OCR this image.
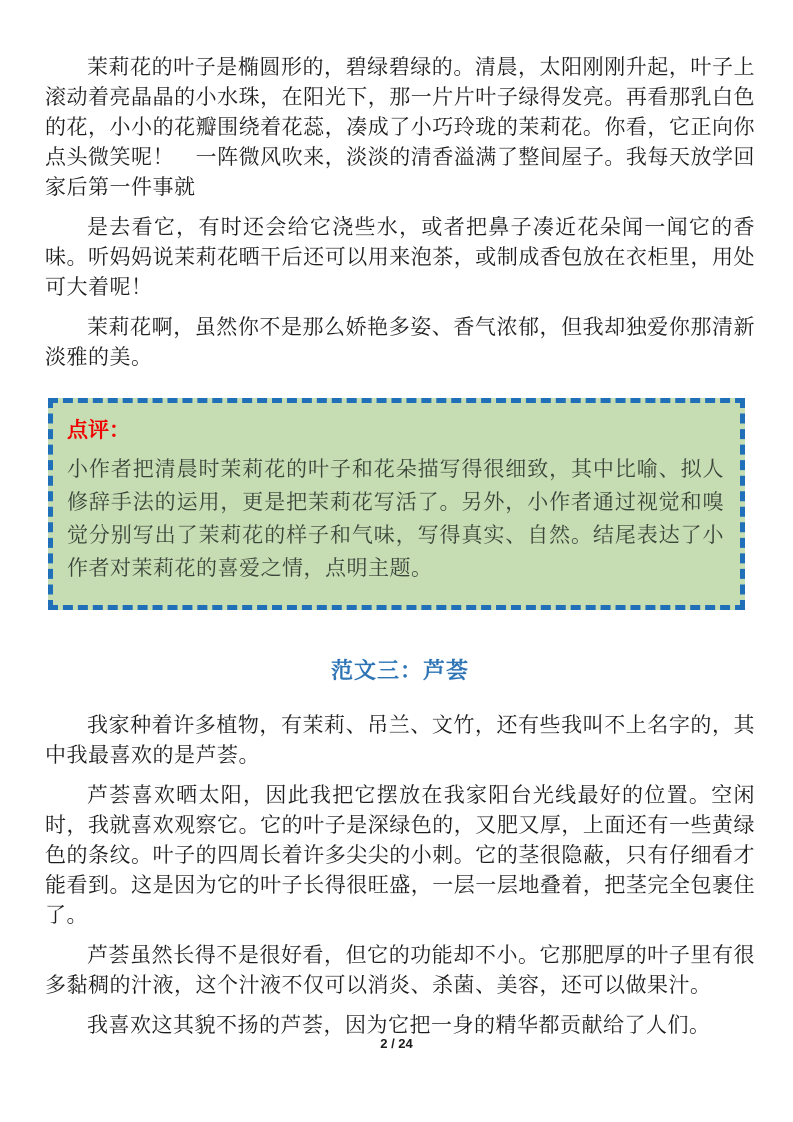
茉莉花的叶子是椭圆形的，碧绿碧绿的。清晨，太阳刚刚升起，叶子上滚动着亮晶晶的小水珠，在阳光下，那一片片叶子绿得发亮。再看那乳白色的花，小小的花瓣围绕着花蕊，凑成了小巧玲珑的茉莉花。你看，它正向你点头微笑呢！　一阵微风吹来，淡淡的清香溢满了整间屋子。我每天放学回家后第一件事就

是去看它，有时还会给它浇些水，或者把鼻子凑近花朵闻一闻它的香味。听妈妈说茉莉花晒干后还可以用来泡茶，或制成香包放在衣柜里，用处可大着呢！

茉莉花啊，虽然你不是那么娇艳多姿、香气浓郁，但我却独爱你那清新淡雅的美。

点评：
小作者把清晨时茉莉花的叶子和花朵描写得很细致，其中比喻、拟人修辞手法的运用，更是把茉莉花写活了。另外，小作者通过视觉和嗅觉分别写出了茉莉花的样子和气味，写得真实、自然。结尾表达了小作者对茉莉花的喜爱之情，点明主题。
范文三：芦荟

我家种着许多植物，有茉莉、吊兰、文竹，还有些我叫不上名字的，其中我最喜欢的是芦荟。

芦荟喜欢晒太阳，因此我把它摆放在我家阳台光线最好的位置。空闲时，我就喜欢观察它。它的叶子是深绿色的，又肥又厚，上面还有一些黄绿色的条纹。叶子的四周长着许多尖尖的小刺。它的茎很隐蔽，只有仔细看才能看到。这是因为它的叶子长得很旺盛，一层一层地叠着，把茎完全包裹住了。

芦荟虽然长得不是很好看，但它的功能却不小。它那肥厚的叶子里有很多黏稠的汁液，这个汁液不仅可以消炎、杀菌、美容，还可以做果汁。

我喜欢这其貌不扬的芦荟，因为它把一身的精华都贡献给了人们。

2 / 24
